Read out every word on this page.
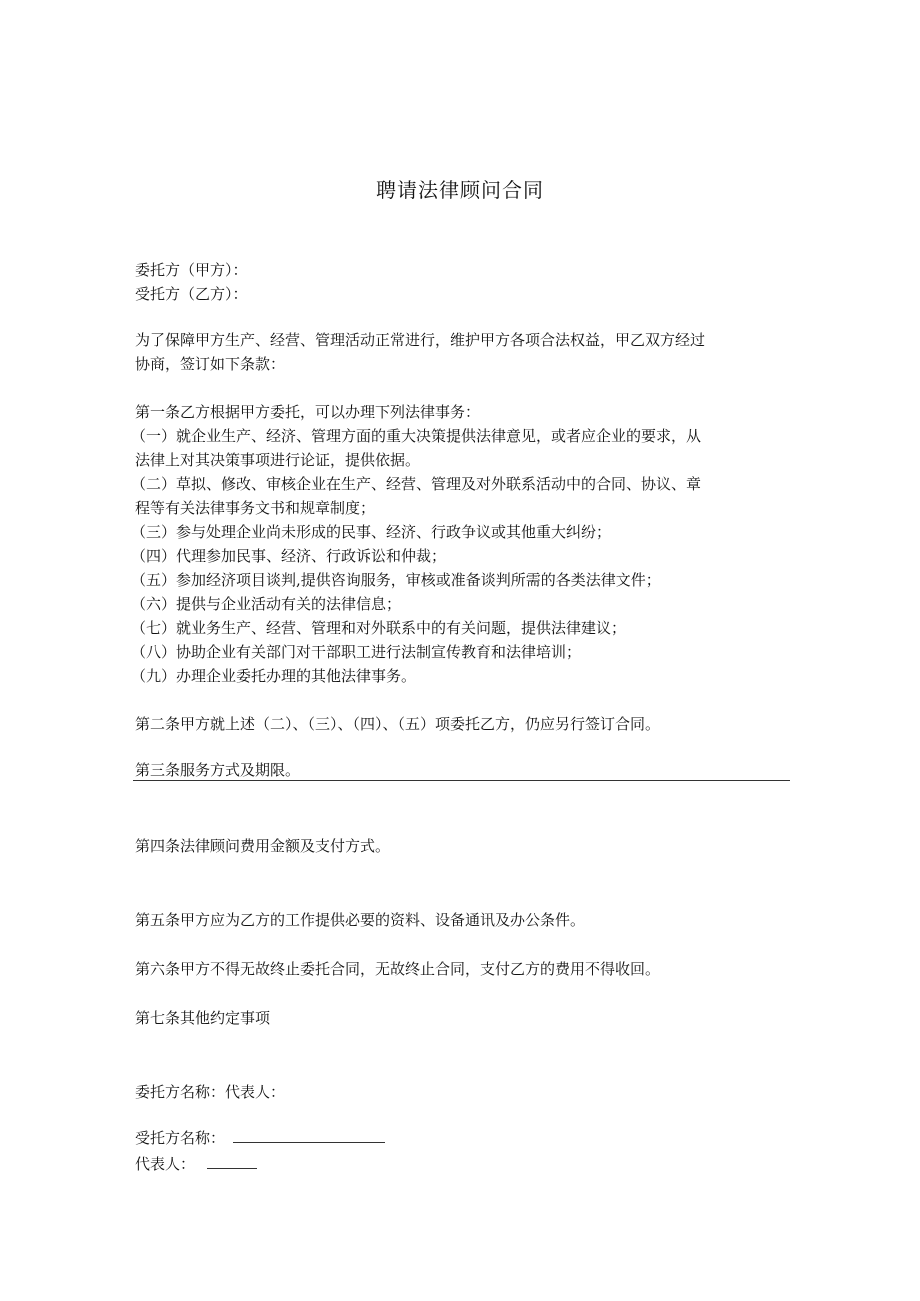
聘请法律顾问合同
委托方（甲方）：
受托方（乙方）：
为了保障甲方生产、经营、管理活动正常进行，维护甲方各项合法权益，甲乙双方经过
协商，签订如下条款：
第一条乙方根据甲方委托，可以办理下列法律事务：
（一）就企业生产、经济、管理方面的重大决策提供法律意见，或者应企业的要求，从
法律上对其决策事项进行论证，提供依据。
（二）草拟、修改、审核企业在生产、经营、管理及对外联系活动中的合同、协议、章
程等有关法律事务文书和规章制度；
（三）参与处理企业尚未形成的民事、经济、行政争议或其他重大纠纷；
（四）代理参加民事、经济、行政诉讼和仲裁；
（五）参加经济项目谈判,提供咨询服务，审核或准备谈判所需的各类法律文件；
（六）提供与企业活动有关的法律信息；
（七）就业务生产、经营、管理和对外联系中的有关问题，提供法律建议；
（八）协助企业有关部门对干部职工进行法制宣传教育和法律培训；
（九）办理企业委托办理的其他法律事务。
第二条甲方就上述（二）、（三）、（四）、（五）项委托乙方，仍应另行签订合同。
第三条服务方式及期限。
第四条法律顾问费用金额及支付方式。
第五条甲方应为乙方的工作提供必要的资料、设备通讯及办公条件。
第六条甲方不得无故终止委托合同，无故终止合同，支付乙方的费用不得收回。
第七条其他约定事项
委托方名称：代表人：
受托方名称：
代表人：
